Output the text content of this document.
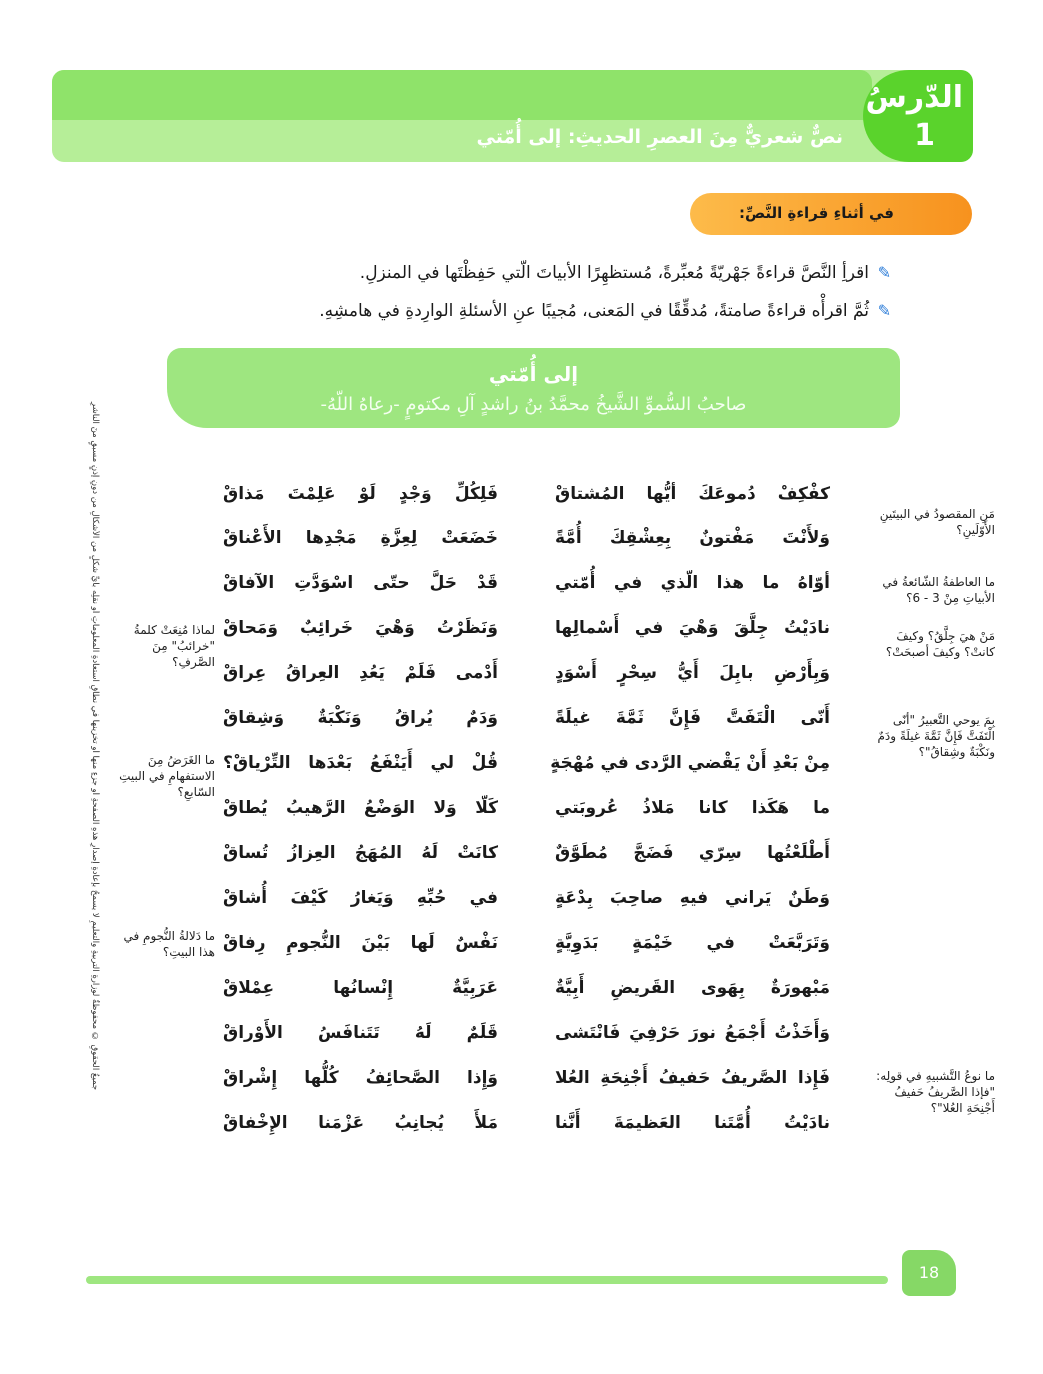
الدّرسُ
1
نصٌّ شعريٌّ مِنَ العصرِ الحديثِ: إلى أُمّتي
في أثناءِ قراءةِ النَّصِّ:
✎
اقرأِ النَّصَّ قراءةً جَهْريّةً مُعبِّرةً، مُستظهِرًا الأبياتَ الّتي حَفِظْتَها في المنزلِ.
✎
ثُمَّ اقرأْه قراءةً صامتةً، مُدقِّقًا في المَعنى، مُجيبًا عنِ الأسئلةِ الوارِدةِ في هامشِهِ.
إلى أُمّتي
صاحبُ السُّموِّ الشَّيخُ محمَّدُ بنُ راشدٍ آلِ مكتومٍ -رعاهُ اللّهُ-
جميعُ الحقوقِ © محفوظةٌ لوزارةِ التربيةِ والتعليمِ لا يسمحُ بإعادةِ إصدارِ هذهِ الصفحةِ أو جزءٍ منها أو تخزينها في نطاقِ استعادةِ المعلوماتِ أو نقلِه بأيِّ شكلٍ من الأشكالِ من دونِ إذنٍ مسبقٍ منَ الناشرِ	كفْكِفْ دُموعَكَ أيُّها المُشتاقْ
فَلِكُلِّ وَجْدٍ لَوْ عَلِمْتَ مَذاقْ
وَلأَنْتَ مَفْتونٌ بِعِشْقِكَ أُمَّةً
خَضَعَتْ لِعِزَّةِ مَجْدِها الأَعْناقْ
أوّاهُ ما هذا الّذي في أُمّتي
قَدْ حَلَّ حتّى اسْوَدَّتِ الآفاقْ
نادَيْتُ جِلَّقَ وَهْيَ في أَسْمالِها
وَنَظَرْتُ وَهْيَ خَرائِبٌ وَمَحاقْ
وَبِأَرْضِ بابِلَ أَيُّ سِحْرٍ أَسْوَدٍ
أَدْمى فَلَمْ يَعُدِ العِراقُ عِراقْ
أَنّى الْتَفَتَّ فَإِنَّ ثَمَّةَ غيلَةً
وَدَمٌ يُراقُ وَنَكْبَةٌ وَشِقاقْ
مِنْ بَعْدِ أَنْ يَقْضي الرَّدى في مُهْجَةٍ
قُلْ لي أَيَنْفَعُ بَعْدَها التِّرْياقْ؟
ما هَكَذا كانا مَلاذُ عُروبَتي
كَلّا وَلا الوَضْعُ الرَّهيبُ يُطاقْ
أَطْلَعْتُها سِرّي فَضَجَّ مُطَوَّقٌ
كانَتْ لَهُ المُهَجُ العِزازُ تُساقْ
وَطَنٌ يَراني فيهِ صاحِبَ بِدْعَةٍ
في حُبِّهِ وَيَغارُ كَيْفَ أُشاقْ
وَتَرَبَّعَتْ في خَيْمَةٍ بَدَوِيَّةٍ
نَفْسٌ لَها بَيْنَ النُّجومِ رِفاقْ
مَبْهورَةٌ بِهَوى القَريضِ أَبِيَّةٌ
عَرَبِيَّةٌ إِنْسانُها عِمْلاقْ
وَأَخَذْتُ أَجْمَعُ نورَ حَرْفِيَ فَانْتَشى
قَلَمٌ لَهُ تَتَنافَسُ الأَوْراقْ
فَإِذا الصَّريفُ حَفيفُ أَجْنِحَةِ العُلا
وَإِذا الصَّحائِفُ كُلُّها إِشْراقْ
نادَيْتُ أُمَّتَنا العَظيمَةَ أَنَّنا
مَلأَ يُجانِبُ عَزْمَنا الإِخْفاقْ
مَنِ المقصودُ في البيتَينِ الأَوّلَينِ؟
ما العاطفةُ الشّائعةُ في الأبياتِ مِنْ 3 - 6؟
مَنْ هيَ جِلَّقُ؟ وكيفَ كانتْ؟ وكيفَ أصبحَتْ؟
بِمَ يوحي التَّعبيرُ "أنّى الْتَفَتَّ فَإِنَّ ثَمَّةَ غيلَةً ودَمٌ ونَكْبَةٌ وشِقاقُ"؟
ما نوعُ التَّشبيهِ في قولِه: "فإذا الصَّريفُ حَفيفُ أَجْنِحَةِ العُلا"؟
لماذا مُنِعَتْ كلمةُ "خرائبُ" مِنَ الصَّرفِ؟
ما الغَرَضُ مِنَ الاستفهامِ في البيتِ السّابعِ؟
ما دَلالةُ النُّجومِ في هذا البيتِ؟
18
